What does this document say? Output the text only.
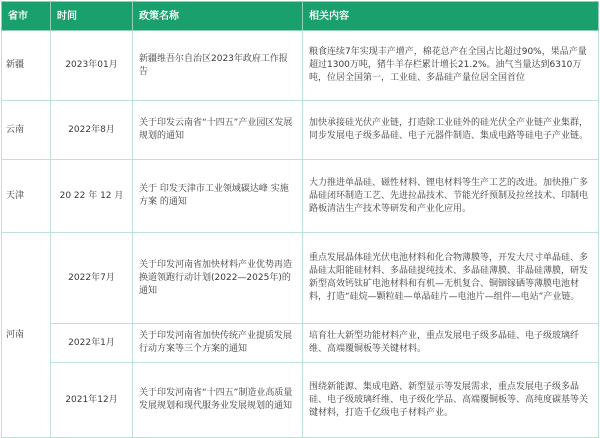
省市	时间	政策名称	相关内容
新疆	2023年01月	新疆维吾尔自治区2023年政府工作报告	粮食连续7年实现丰产增产，棉花总产在全国占比超过90%，果品产量超过1300万吨，猪牛羊存栏累计增长21.2%。油气当量达到6310万吨，位居全国第一，工业硅、多晶硅产量位居全国首位
云南	2022年8月	关于印发云南省“十四五”产业园区发展规划的通知	加快承接硅光伏产业链，打造除工业硅外的硅光伏全产业链产业集群，同步发展电子级多晶硅、电子元器件制造、集成电路等硅电子产业链。
天津	20 22 年 12 月	关于 印发天津市工业领域碳达峰 实施方案 的通知	大力推进单晶硅、磁性材料、锂电材料等生产工艺的改进。加快推广多晶硅闭环制造工艺、先进拉晶技术、节能光纤预制及拉丝技术、印制电路板清洁生产技术等研发和产业化应用。
河南	2022年7月	关于印发河南省加快材料产业优势再造换道领跑行动计划(2022—2025年)的通知	重点发展晶体硅光伏电池材料和化合物薄膜等，开发大尺寸单晶硅、多晶硅太阳能硅材料、多晶硅提纯技术、多晶硅薄膜、非晶硅薄膜，研发新型高效钙钛矿电池材料和有机—无机复合、铜铟镓硒等薄膜电池材料，打造“硅烷—颗粒硅—单晶硅片—电池片—组件—电站”产业链。
	2022年1月	关于印发河南省加快传统产业提质发展行动方案等三个方案的通知	培育壮大新型功能材料产业，重点发展电子级多晶硅、电子级玻璃纤维、高端覆铜板等关键材料。
	2021年12月	关于印发河南省“十四五”制造业高质量发展规划和现代服务业发展规划的通知	围绕新能源、集成电路、新型显示等发展需求，重点发展电子级多晶硅、电子级玻璃纤维、电子级化学品、高端覆铜板等、高纯度碳基等关键材料，打造千亿级电子材料产业。
